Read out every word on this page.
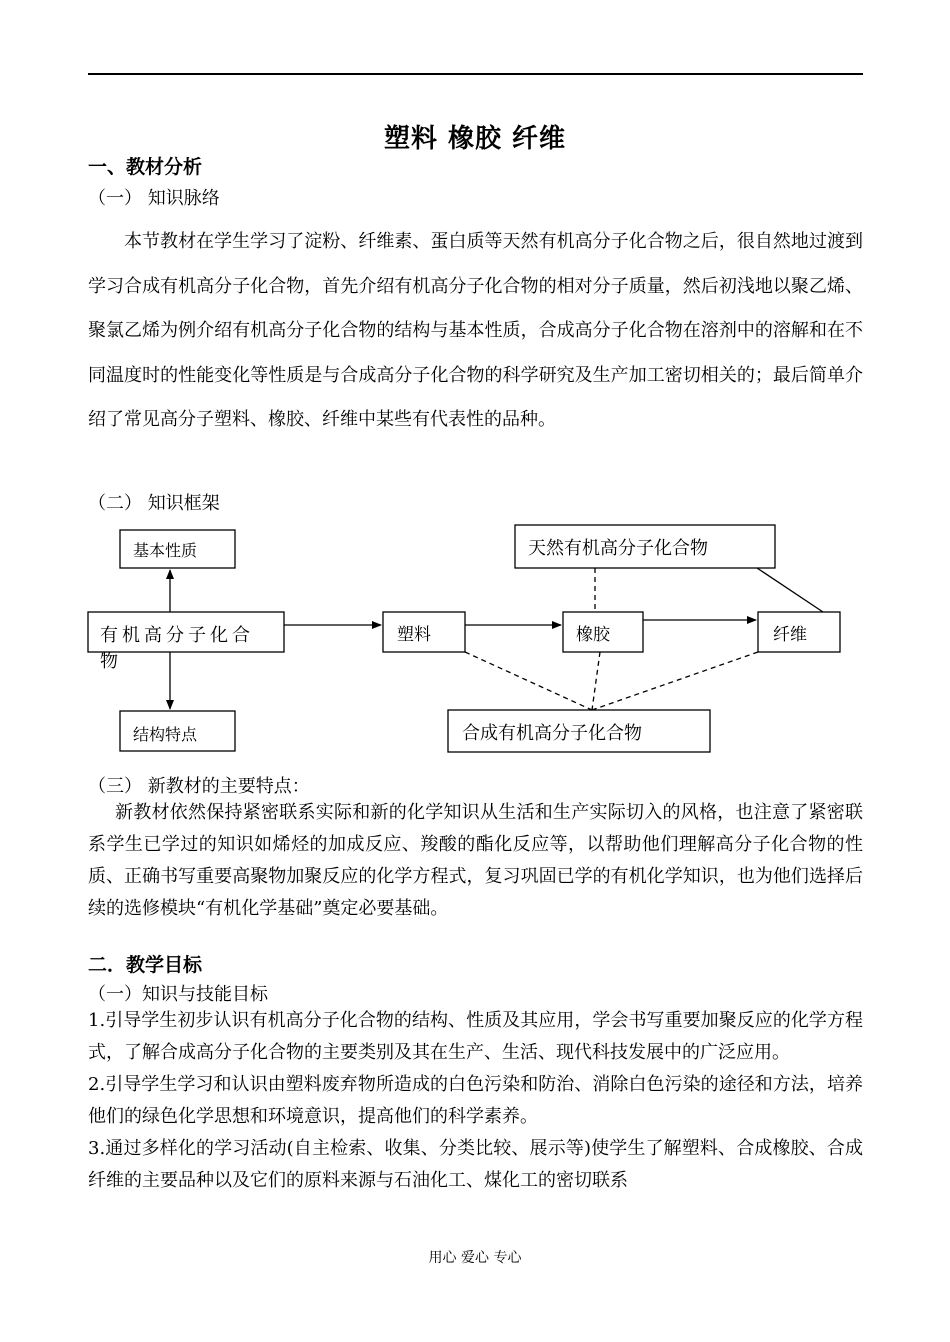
塑料 橡胶 纤维
一、教材分析
（一） 知识脉络
本节教材在学生学习了淀粉、纤维素、蛋白质等天然有机高分子化合物之后，很自然地过渡到学习合成有机高分子化合物，首先介绍有机高分子化合物的相对分子质量，然后初浅地以聚乙烯、聚氯乙烯为例介绍有机高分子化合物的结构与基本性质，合成高分子化合物在溶剂中的溶解和在不同温度时的性能变化等性质是与合成高分子化合物的科学研究及生产加工密切相关的；最后简单介绍了常见高分子塑料、橡胶、纤维中某些有代表性的品种。
（二） 知识框架
基本性质
结构特点
有机高分子化合
物
塑料	橡胶	纤维
天然有机高分子化合物
合成有机高分子化合物
（三） 新教材的主要特点：
新教材依然保持紧密联系实际和新的化学知识从生活和生产实际切入的风格，也注意了紧密联系学生已学过的知识如烯烃的加成反应、羧酸的酯化反应等，以帮助他们理解高分子化合物的性质、正确书写重要高聚物加聚反应的化学方程式，复习巩固已学的有机化学知识，也为他们选择后续的选修模块“有机化学基础”奠定必要基础。
二．教学目标
（一）知识与技能目标
1.引导学生初步认识有机高分子化合物的结构、性质及其应用，学会书写重要加聚反应的化学方程式，了解合成高分子化合物的主要类别及其在生产、生活、现代科技发展中的广泛应用。
2.引导学生学习和认识由塑料废弃物所造成的白色污染和防治、消除白色污染的途径和方法，培养他们的绿色化学思想和环境意识，提高他们的科学素养。
3.通过多样化的学习活动(自主检索、收集、分类比较、展示等)使学生了解塑料、合成橡胶、合成纤维的主要品种以及它们的原料来源与石油化工、煤化工的密切联系
用心 爱心 专心
